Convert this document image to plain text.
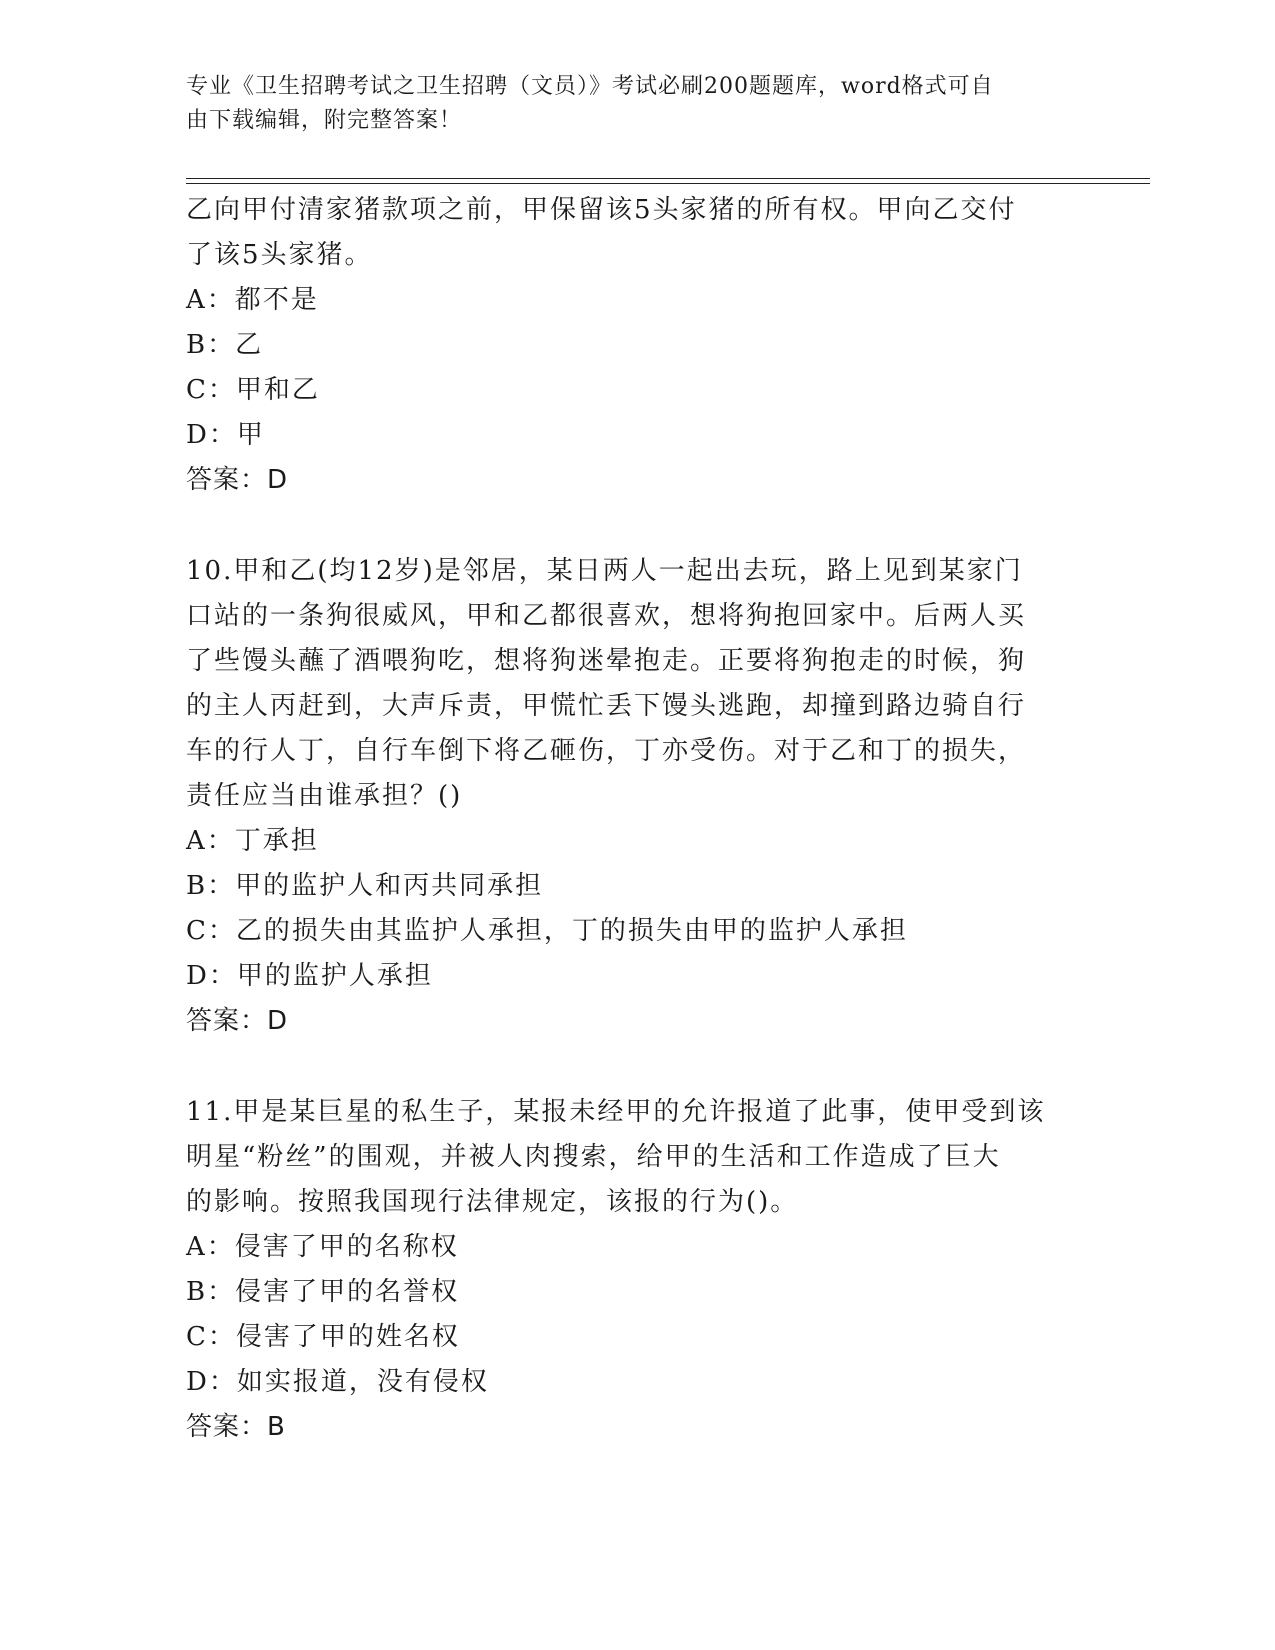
专业《卫生招聘考试之卫生招聘（文员）》考试必刷200题题库，word格式可自
由下载编辑，附完整答案！
乙向甲付清家猪款项之前，甲保留该5头家猪的所有权。甲向乙交付
了该5头家猪。
A：都不是
B：乙
C：甲和乙
D：甲
答案：D
10.甲和乙(均12岁)是邻居，某日两人一起出去玩，路上见到某家门
口站的一条狗很威风，甲和乙都很喜欢，想将狗抱回家中。后两人买
了些馒头蘸了酒喂狗吃，想将狗迷晕抱走。正要将狗抱走的时候，狗
的主人丙赶到，大声斥责，甲慌忙丢下馒头逃跑，却撞到路边骑自行
车的行人丁，自行车倒下将乙砸伤，丁亦受伤。对于乙和丁的损失，
责任应当由谁承担？()
A：丁承担
B：甲的监护人和丙共同承担
C：乙的损失由其监护人承担，丁的损失由甲的监护人承担
D：甲的监护人承担
答案：D
11.甲是某巨星的私生子，某报未经甲的允许报道了此事，使甲受到该
明星“粉丝”的围观，并被人肉搜索，给甲的生活和工作造成了巨大
的影响。按照我国现行法律规定，该报的行为()。
A：侵害了甲的名称权
B：侵害了甲的名誉权
C：侵害了甲的姓名权
D：如实报道，没有侵权
答案：B
